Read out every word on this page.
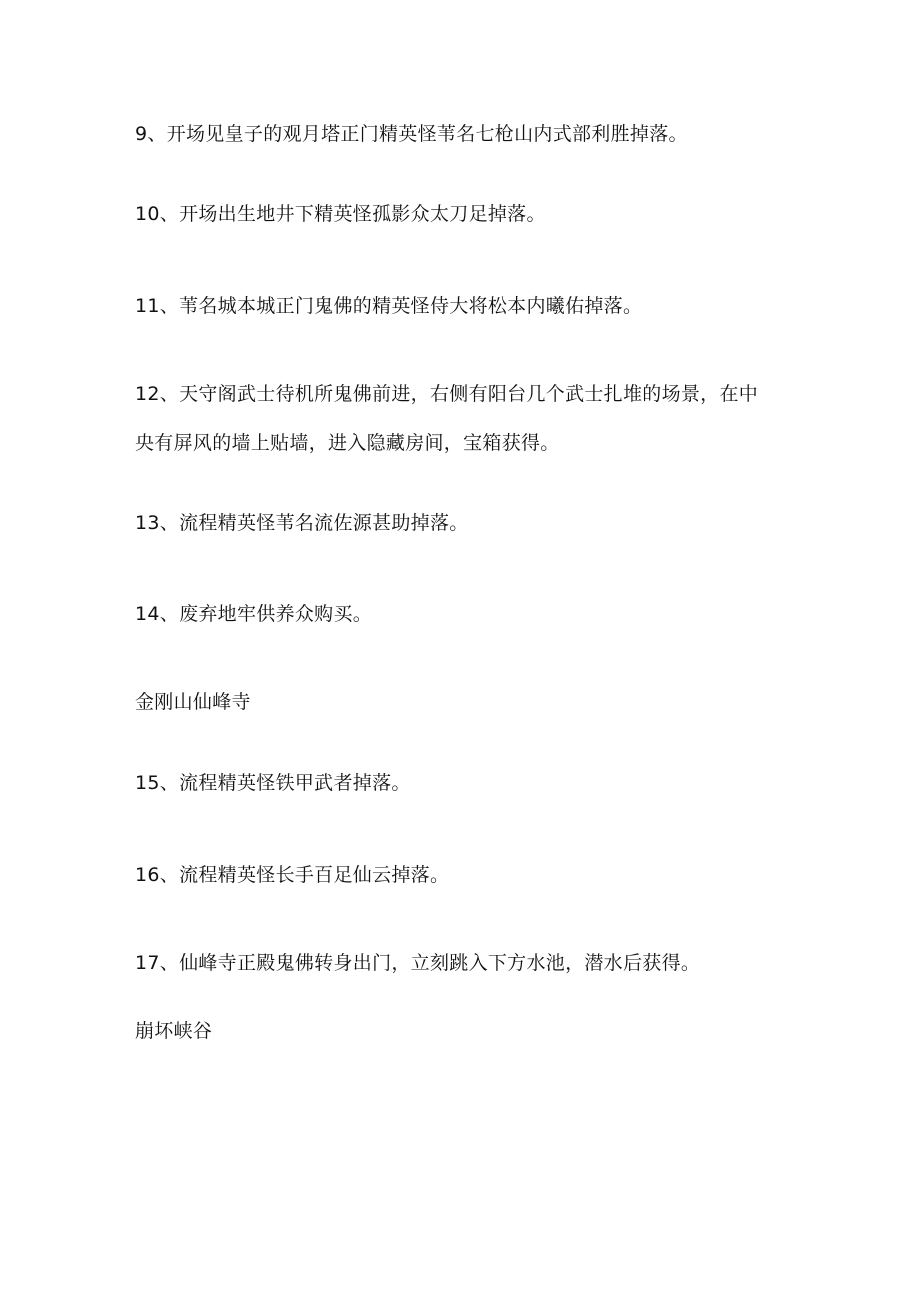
9、开场见皇子的观月塔正门精英怪苇名七枪山内式部利胜掉落。
10、开场出生地井下精英怪孤影众太刀足掉落。
11、苇名城本城正门鬼佛的精英怪侍大将松本内曦佑掉落。
12、天守阁武士待机所鬼佛前进，右侧有阳台几个武士扎堆的场景，在中
央有屏风的墙上贴墙，进入隐藏房间，宝箱获得。
13、流程精英怪苇名流佐源甚助掉落。
14、废弃地牢供养众购买。
金刚山仙峰寺
15、流程精英怪铁甲武者掉落。
16、流程精英怪长手百足仙云掉落。
17、仙峰寺正殿鬼佛转身出门，立刻跳入下方水池，潜水后获得。
崩坏峡谷
